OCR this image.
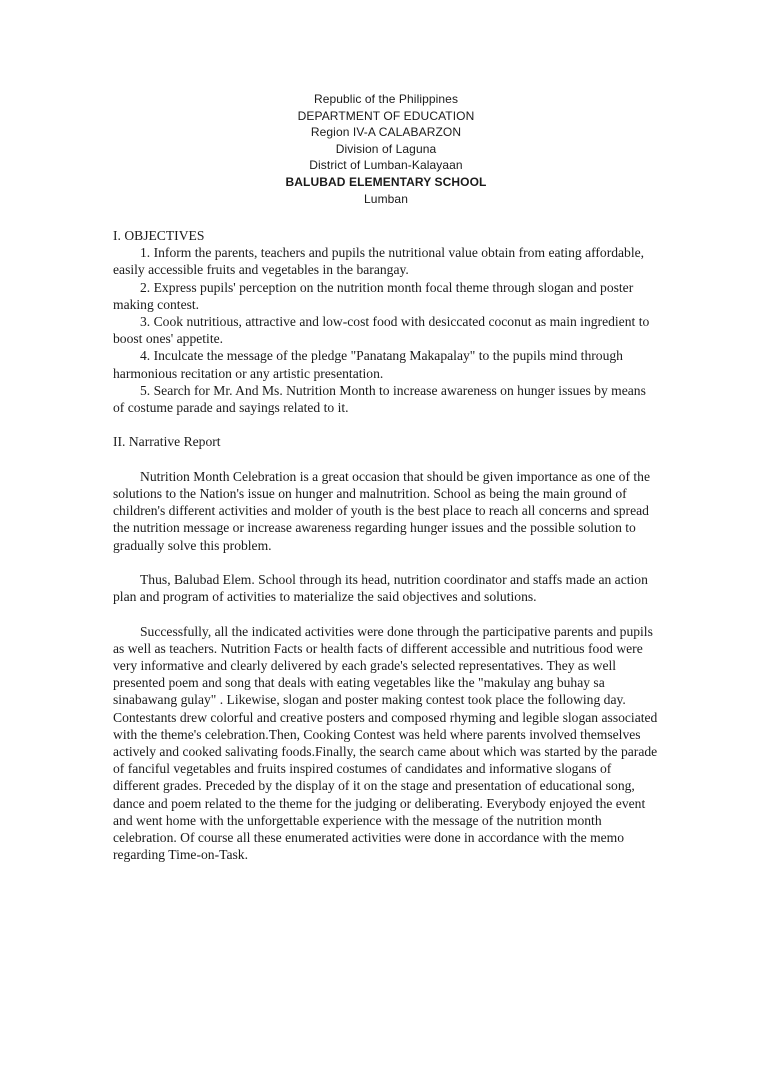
Republic of the Philippines
DEPARTMENT OF EDUCATION
Region IV-A CALABARZON
Division of Laguna
District of Lumban-Kalayaan
BALUBAD ELEMENTARY SCHOOL
Lumban
I. OBJECTIVES
1. Inform the parents, teachers and pupils the nutritional value obtain from eating affordable, easily accessible fruits and vegetables in the barangay.
2. Express pupils' perception on the nutrition month focal theme through slogan and poster making contest.
3. Cook nutritious, attractive and low-cost food with desiccated coconut as main ingredient to boost ones' appetite.
4. Inculcate the message of the pledge "Panatang Makapalay" to the pupils mind through harmonious recitation or any artistic presentation.
5. Search for Mr. And Ms. Nutrition Month to increase awareness on hunger issues by means of costume parade and sayings related to it.
II. Narrative Report
Nutrition Month Celebration is a great occasion that should be given importance as one of the solutions to the Nation's issue on hunger and malnutrition. School as being the main ground of children's different activities and molder of youth is the best place to reach all concerns and spread the nutrition message or increase awareness regarding hunger issues and the possible solution to gradually solve this problem.
Thus, Balubad Elem. School through its head, nutrition coordinator and staffs made an action plan and program of activities to materialize the said objectives and solutions.
Successfully, all the indicated activities were done through the participative parents and pupils as well as teachers. Nutrition Facts or health facts of different accessible and nutritious food were very informative and clearly delivered by each grade's selected representatives. They as well presented poem and song that deals with eating vegetables like the "makulay ang buhay sa sinabawang gulay" . Likewise, slogan and poster making contest took place the following day. Contestants drew colorful and creative posters and composed rhyming and legible slogan associated with the theme's celebration.Then, Cooking Contest was held where parents involved themselves actively and cooked salivating foods.Finally, the search came about which was started by the parade of fanciful vegetables and fruits inspired costumes of candidates and informative slogans of different grades. Preceded by the display of it on the stage and presentation of educational song, dance and poem related to the theme for the judging or deliberating. Everybody enjoyed the event and went home with the unforgettable experience with the message of the nutrition month celebration. Of course all these enumerated activities were done in accordance with the memo regarding Time-on-Task.
